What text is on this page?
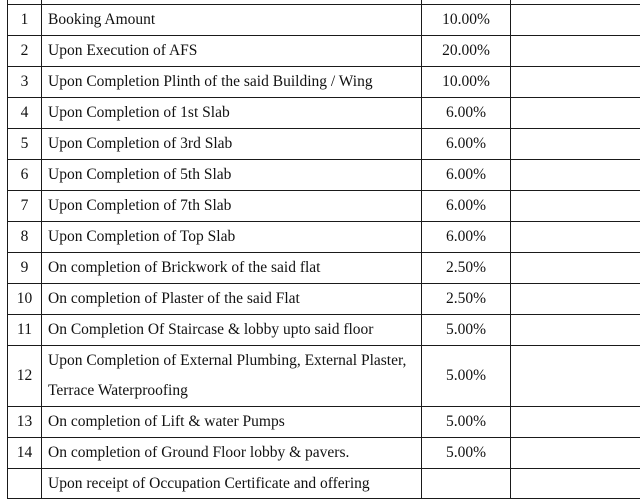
1	Booking Amount	10.00%	
2	Upon Execution of AFS	20.00%	
3	Upon Completion Plinth of the said Building / Wing	10.00%	
4	Upon Completion of 1st Slab	6.00%	
5	Upon Completion of 3rd Slab	6.00%	
6	Upon Completion of 5th Slab	6.00%	
7	Upon Completion of 7th Slab	6.00%	
8	Upon Completion of Top Slab	6.00%	
9	On completion of Brickwork of the said flat	2.50%	
10	On completion of Plaster of the said Flat	2.50%	
11	On Completion Of Staircase & lobby upto said floor	5.00%	
12	Upon Completion of External Plumbing, External Plaster, Terrace Waterproofing	5.00%	
13	On completion of Lift & water Pumps	5.00%	
14	On completion of Ground Floor lobby & pavers.	5.00%	
	Upon receipt of Occupation Certificate and offering		
